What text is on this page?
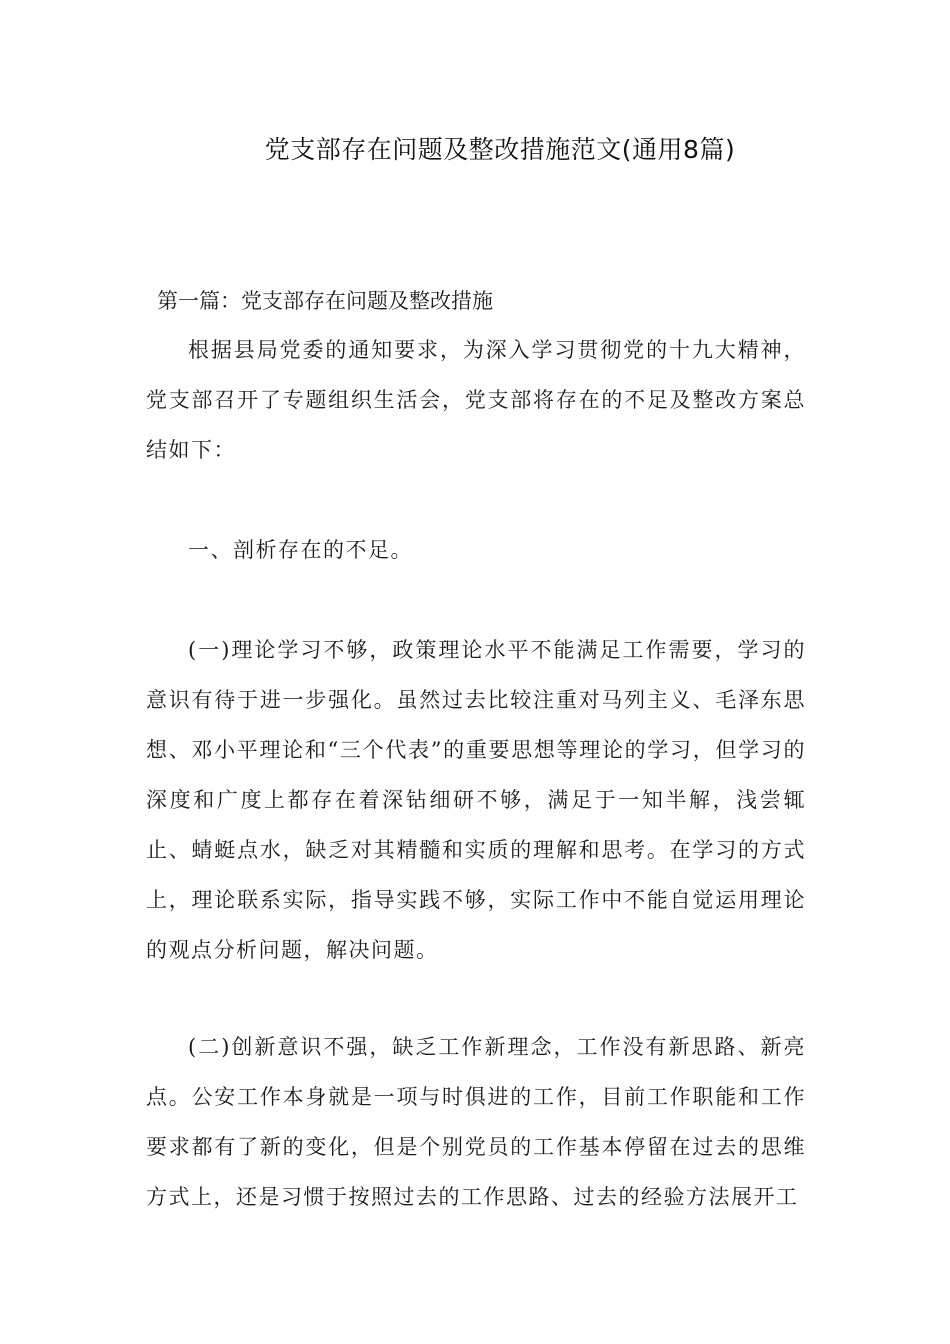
党支部存在问题及整改措施范文(通用8篇)
第一篇：党支部存在问题及整改措施
根据县局党委的通知要求，为深入学习贯彻党的十九大精神，党支部召开了专题组织生活会，党支部将存在的不足及整改方案总结如下：
一、剖析存在的不足。
(一)理论学习不够，政策理论水平不能满足工作需要，学习的意识有待于进一步强化。虽然过去比较注重对马列主义、毛泽东思想、邓小平理论和“三个代表”的重要思想等理论的学习，但学习的深度和广度上都存在着深钻细研不够，满足于一知半解，浅尝辄止、蜻蜓点水，缺乏对其精髓和实质的理解和思考。在学习的方式上，理论联系实际，指导实践不够，实际工作中不能自觉运用理论的观点分析问题，解决问题。
(二)创新意识不强，缺乏工作新理念，工作没有新思路、新亮点。公安工作本身就是一项与时俱进的工作，目前工作职能和工作要求都有了新的变化，但是个别党员的工作基本停留在过去的思维方式上，还是习惯于按照过去的工作思路、过去的经验方法展开工
